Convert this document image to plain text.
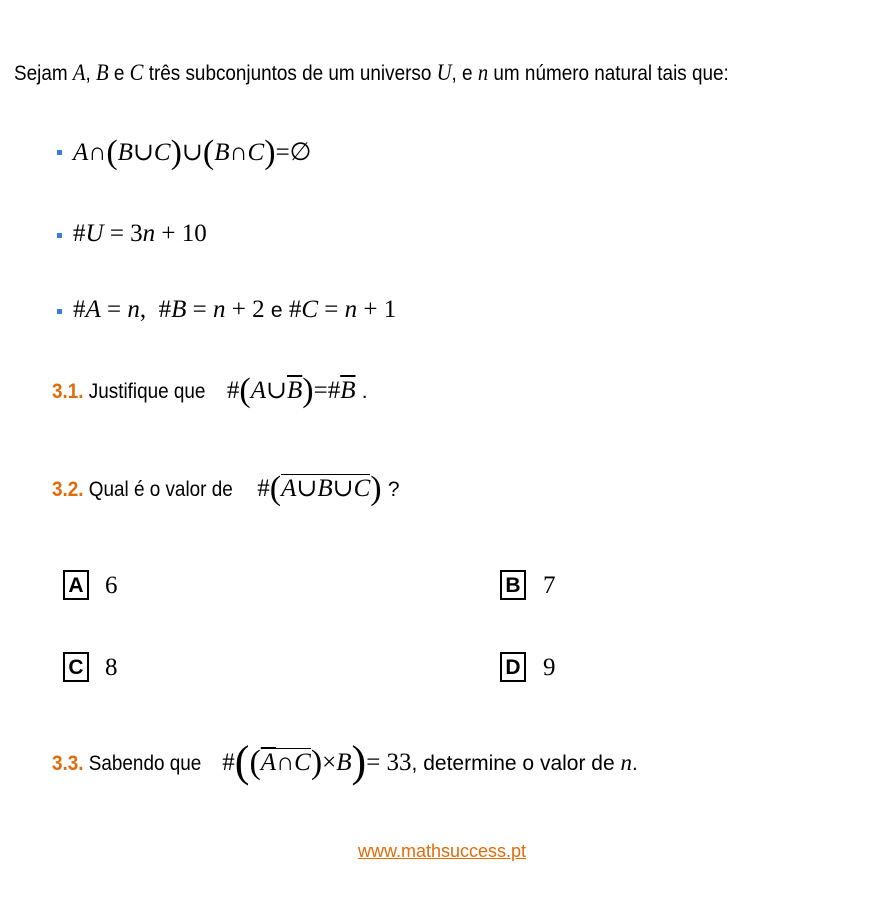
Sejam A, B e C três subconjuntos de um universo U, e n um número natural tais que:
A∩(B∪C)∪(B∩C)=∅
#U = 3n + 10
#A = n,  #B = n + 2 e #C = n + 1
3.1. Justifique que $\#(A\cup\overline{B})=\#\overline{B}$ .
3.2. Qual é o valor de #(A∪B∪C) ?
A 6	B 7
C 8	D 9
3.3. Sabendo que $\#((\overline{A}\cap C)\times B)= 33$, determine o valor de n.
www.mathsuccess.pt
